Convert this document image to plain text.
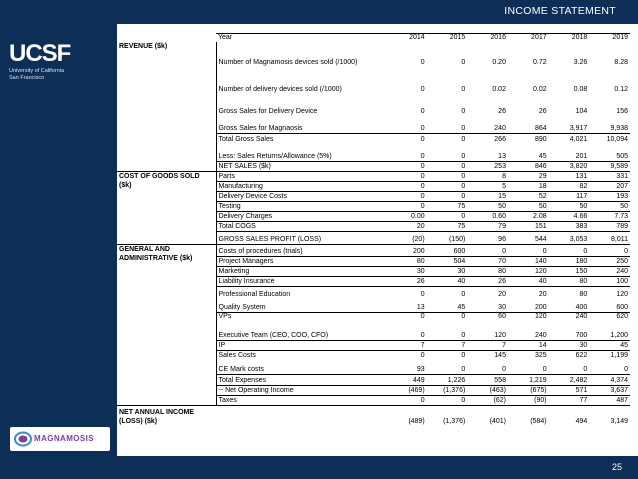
UCSF
University of California
San Francisco
MAGNAMOSIS
INCOME STATEMENT
	Year	2014	2015	2016	2017	2018	2019
REVENUE ($k)	Number of Magnamosis devices sold (/1000)	0	0	0.20	0.72	3.26	8.28
	Number of delivery devices sold (/1000)	0	0	0.02	0.02	0.08	0.12
	Gross Sales for Delivery Device	0	0	26	26	104	156
	Gross Sales for Magnaosis	0	0	240	864	3,917	9,938
	Total Gross Sales	0	0	266	890	4,021	10,094
	Less: Sales Returns/Allowance (5%)	0	0	13	45	201	505
	NET SALES ($k)	0	0	253	846	3,820	9,589
COST OF GOODS SOLD ($k)	Parts	0	0	8	29	131	331
	Manufacturing	0	0	5	18	82	207
	Delivery Device Costs	0	0	15	52	117	193
	Testing	0	75	50	50	50	50
	Delivery Charges	0.00	0	0.60	2.08	4.66	7.73
	Total COGS	20	75	79	151	383	789
	GROSS SALES PROFIT (LOSS)	(20)	(150)	96	544	3,053	8,011
GENERAL AND ADMINISTRATIVE ($k)	Costs of procedures (trials)	200	600	0	0	0	0
	Project Managers	80	504	70	140	180	250
	Marketing	30	30	80	120	150	240
	Liability Insurance	26	40	26	40	80	100
	Professional Education	0	0	20	20	80	120
	Quality System	13	45	30	200	400	600
	VPs	0	0	60	120	240	620
	Executive Team (CEO, COO, CFO)	0	0	120	240	700	1,200
	IP	7	7	7	14	30	45
	Sales Costs	0	0	145	325	622	1,199
	CE Mark costs	93	0	0	0	0	0
	Total Expenses	449	1,226	558	1,219	2,482	4,374
	-- Net Operating Income	(469)	(1,376)	(463)	(675)	571	3,637
	Taxes	0	0	(62)	(90)	77	487
NET ANNUAL INCOME (LOSS) ($k)		(489)	(1,376)	(401)	(584)	494	3,149
25
